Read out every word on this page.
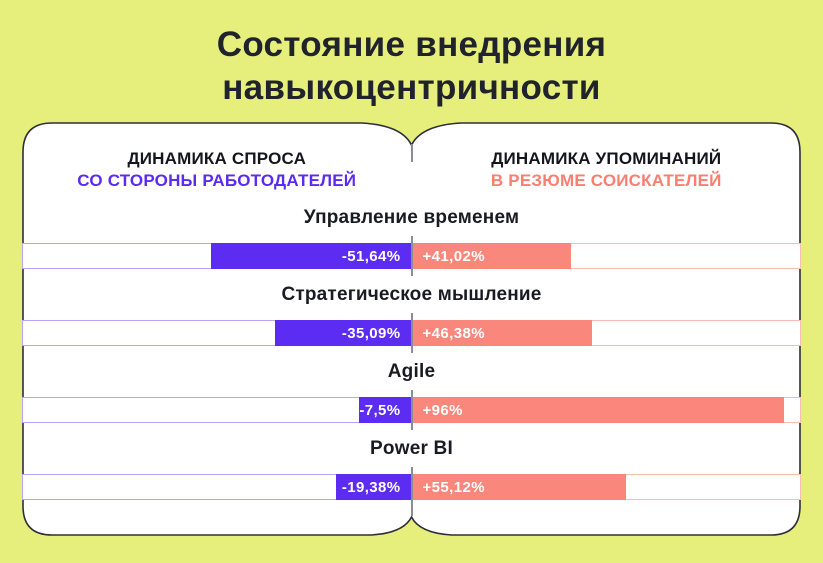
Состояние внедрения
навыкоцентричности
ДИНАМИКА СПРОСА
СО СТОРОНЫ РАБОТОДАТЕЛЕЙ
ДИНАМИКА УПОМИНАНИЙ
В РЕЗЮМЕ СОИСКАТЕЛЕЙ
Управление временем
-51,64% +41,02%
Стратегическое мышление
-35,09% +46,38%
Agile
-7,5% +96%
Power BI
-19,38% +55,12%
